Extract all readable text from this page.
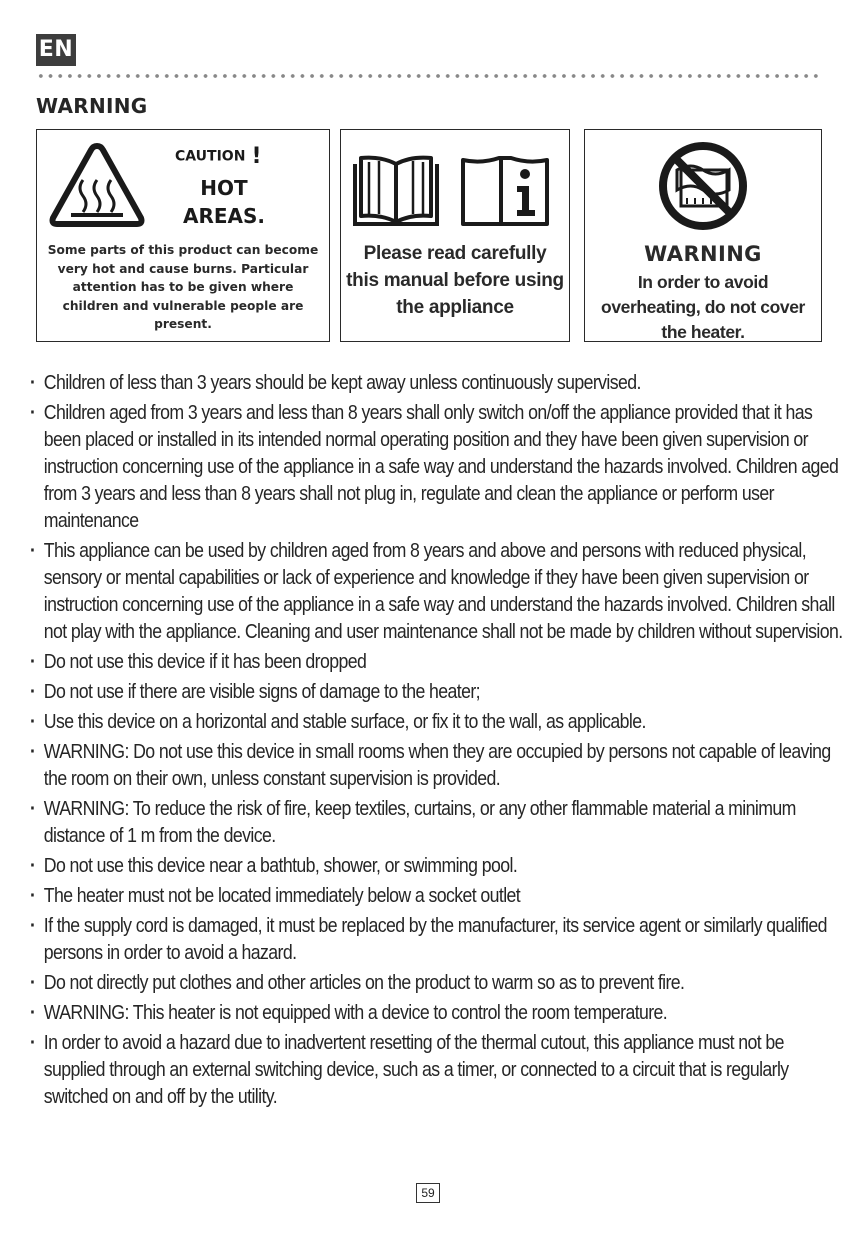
EN
WARNING
CAUTION !
HOT
AREAS.

Some parts of this product can become very hot and cause burns. Particular attention has to be given where children and vulnerable people are present.

Please read carefully this manual before using the appliance

WARNING

In order to avoid overheating, do not cover the heater.

· Children of less than 3 years should be kept away unless continuously supervised.
· Children aged from 3 years and less than 8 years shall only switch on/off the appliance provided that it has been placed or installed in its intended normal operating position and they have been given supervision or instruction concerning use of the appliance in a safe way and understand the hazards involved. Children aged from 3 years and less than 8 years shall not plug in, regulate and clean the appliance or perform user maintenance
· This appliance can be used by children aged from 8 years and above and persons with reduced physical, sensory or mental capabilities or lack of experience and knowledge if they have been given supervision or instruction concerning use of the appliance in a safe way and understand the hazards involved. Children shall not play with the appliance. Cleaning and user maintenance shall not be made by children without supervision.
· Do not use this device if it has been dropped
· Do not use if there are visible signs of damage to the heater;
· Use this device on a horizontal and stable surface, or fix it to the wall, as applicable.
· WARNING: Do not use this device in small rooms when they are occupied by persons not capable of leaving the room on their own, unless constant supervision is provided.
· WARNING: To reduce the risk of fire, keep textiles, curtains, or any other flammable material a minimum distance of 1 m from the device.
· Do not use this device near a bathtub, shower, or swimming pool.
· The heater must not be located immediately below a socket outlet
· If the supply cord is damaged, it must be replaced by the manufacturer, its service agent or similarly qualified persons in order to avoid a hazard.
· Do not directly put clothes and other articles on the product to warm so as to prevent fire.
· WARNING: This heater is not equipped with a device to control the room temperature.
· In order to avoid a hazard due to inadvertent resetting of the thermal cutout, this appliance must not be supplied through an external switching device, such as a timer, or connected to a circuit that is regularly switched on and off by the utility.
59
